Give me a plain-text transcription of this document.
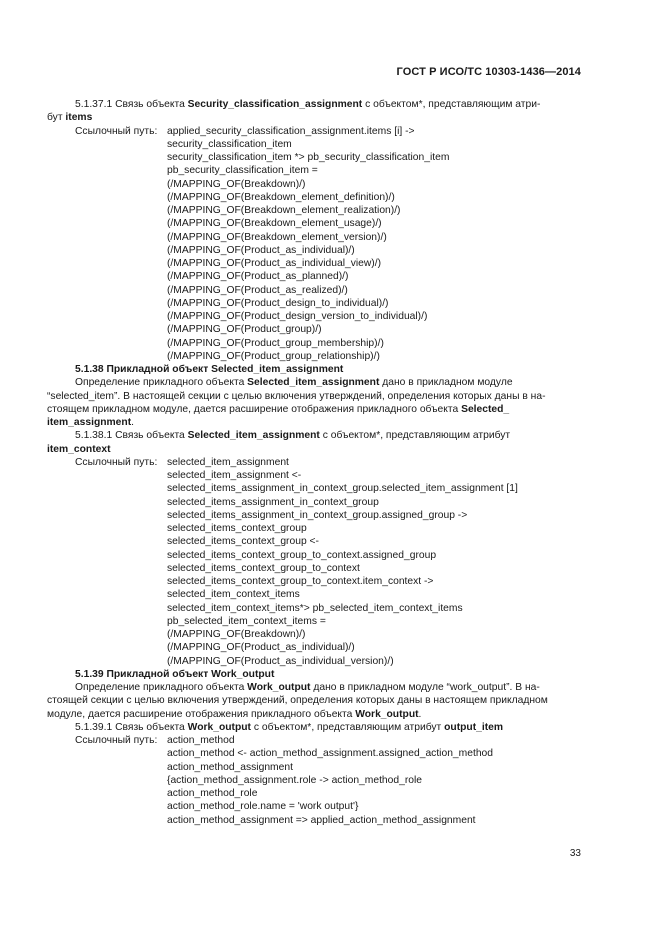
ГОСТ Р ИСО/ТС 10303-1436—2014

5.1.37.1 Связь объекта Security_classification_assignment с объектом*, представляющим атри-

бут items

Ссылочный путь: applied_security_classification_assignment.items [i] ->

security_classification_item

security_classification_item *> pb_security_classification_item

pb_security_classification_item =

(/MAPPING_OF(Breakdown)/)

(/MAPPING_OF(Breakdown_element_definition)/)

(/MAPPING_OF(Breakdown_element_realization)/)

(/MAPPING_OF(Breakdown_element_usage)/)

(/MAPPING_OF(Breakdown_element_version)/)

(/MAPPING_OF(Product_as_individual)/)

(/MAPPING_OF(Product_as_individual_view)/)

(/MAPPING_OF(Product_as_planned)/)

(/MAPPING_OF(Product_as_realized)/)

(/MAPPING_OF(Product_design_to_individual)/)

(/MAPPING_OF(Product_design_version_to_individual)/)

(/MAPPING_OF(Product_group)/)

(/MAPPING_OF(Product_group_membership)/)

(/MAPPING_OF(Product_group_relationship)/)

5.1.38 Прикладной объект Selected_item_assignment

Определение прикладного объекта Selected_item_assignment дано в прикладном модуле

“selected_item”. В настоящей секции с целью включения утверждений, определения которых даны в на-

стоящем прикладном модуле, дается расширение отображения прикладного объекта Selected_

item_assignment.

5.1.38.1 Связь объекта Selected_item_assignment с объектом*, представляющим атрибут

item_context

Ссылочный путь: selected_item_assignment

selected_item_assignment <-

selected_items_assignment_in_context_group.selected_item_assignment [1]

selected_items_assignment_in_context_group

selected_items_assignment_in_context_group.assigned_group ->

selected_items_context_group

selected_items_context_group <-

selected_items_context_group_to_context.assigned_group

selected_items_context_group_to_context

selected_items_context_group_to_context.item_context ->

selected_item_context_items

selected_item_context_items*> pb_selected_item_context_items

pb_selected_item_context_items =

(/MAPPING_OF(Breakdown)/)

(/MAPPING_OF(Product_as_individual)/)

(/MAPPING_OF(Product_as_individual_version)/)

5.1.39 Прикладной объект Work_output

Определение прикладного объекта Work_output дано в прикладном модуле “work_output”. В на-

стоящей секции с целью включения утверждений, определения которых даны в настоящем прикладном

модуле, дается расширение отображения прикладного объекта Work_output.

5.1.39.1 Связь объекта Work_output с объектом*, представляющим атрибут output_item

Ссылочный путь: action_method

action_method <- action_method_assignment.assigned_action_method

action_method_assignment

{action_method_assignment.role -> action_method_role

action_method_role

action_method_role.name = 'work output'}

action_method_assignment => applied_action_method_assignment

33
